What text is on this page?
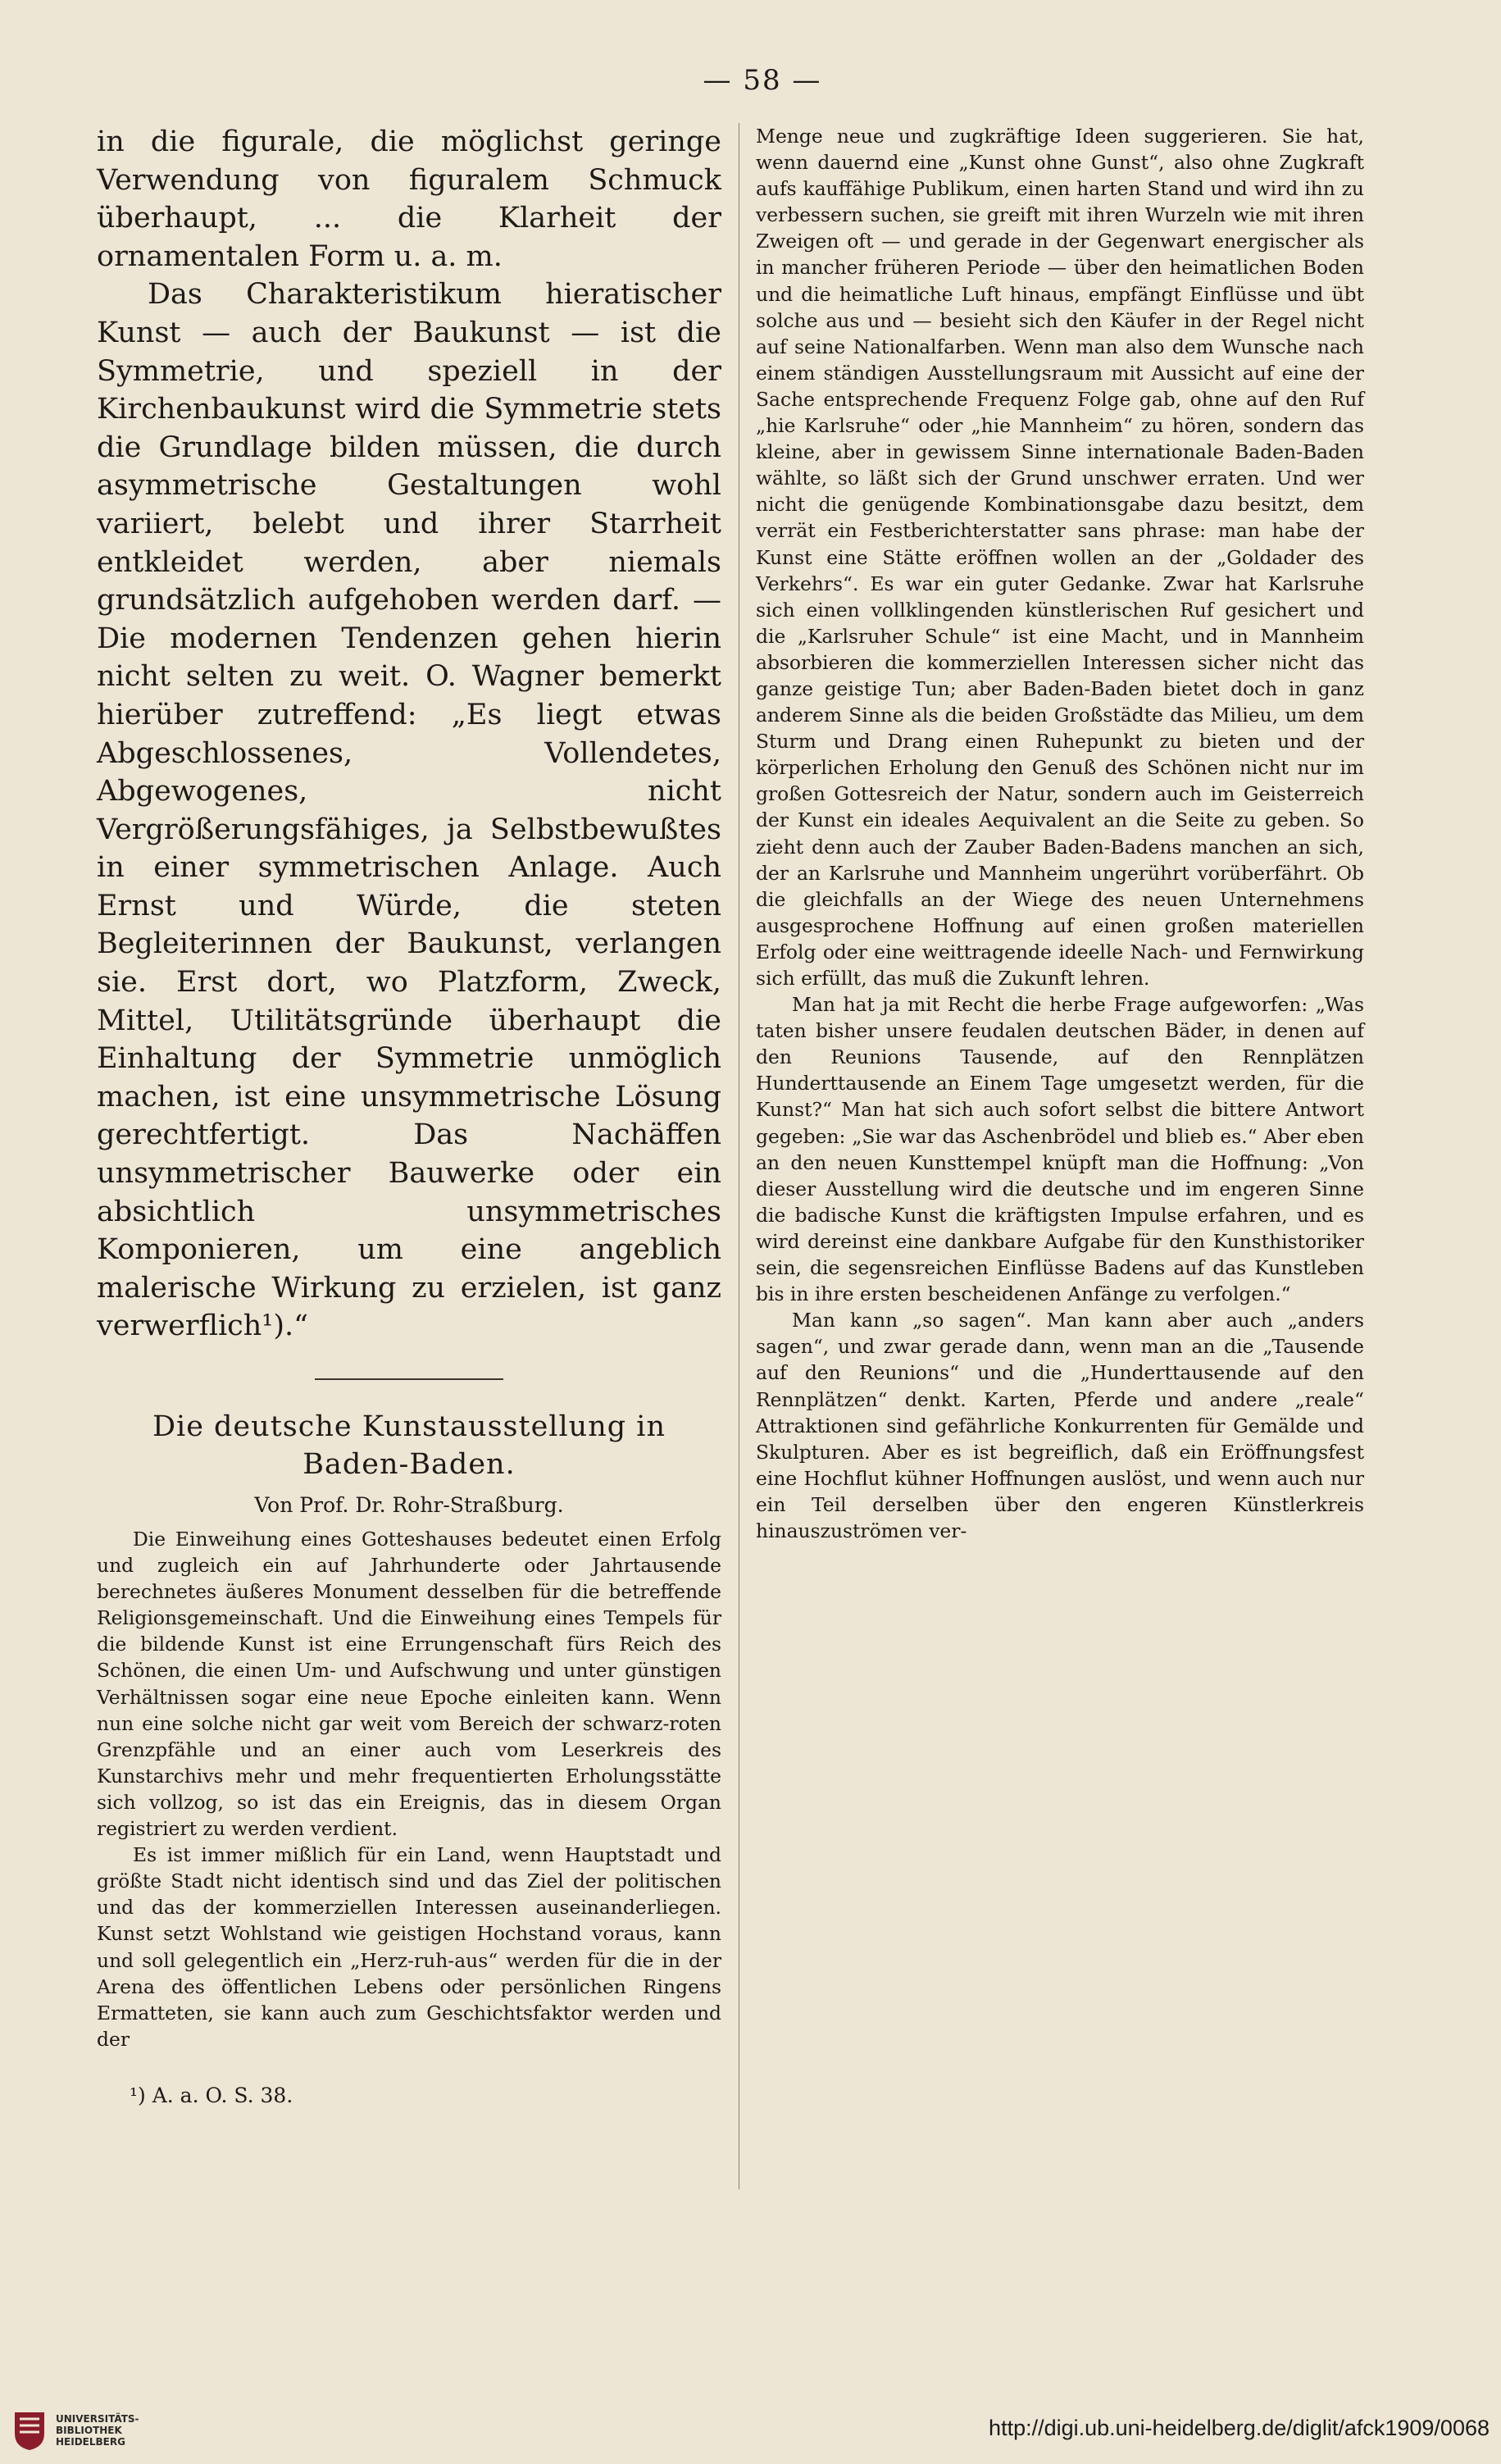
— 58 —

in die figurale, die möglichst geringe Verwendung von figuralem Schmuck überhaupt, ... die Klarheit der ornamentalen Form u. a. m.

Das Charakteristikum hieratischer Kunst — auch der Baukunst — ist die Symmetrie, und speziell in der Kirchenbaukunst wird die Symmetrie stets die Grundlage bilden müssen, die durch asymmetrische Gestaltungen wohl variiert, belebt und ihrer Starrheit entkleidet werden, aber niemals grundsätzlich aufgehoben werden darf. — Die modernen Tendenzen gehen hierin nicht selten zu weit. O. Wagner bemerkt hierüber zutreffend: „Es liegt etwas Abgeschlossenes, Vollendetes, Abgewogenes, nicht Vergrößerungsfähiges, ja Selbstbewußtes in einer symmetrischen Anlage. Auch Ernst und Würde, die steten Begleiterinnen der Baukunst, verlangen sie. Erst dort, wo Platzform, Zweck, Mittel, Utilitätsgründe überhaupt die Einhaltung der Symmetrie unmöglich machen, ist eine unsymmetrische Lösung gerechtfertigt. Das Nachäffen unsymmetrischer Bauwerke oder ein absichtlich unsymmetrisches Komponieren, um eine angeblich malerische Wirkung zu erzielen, ist ganz verwerflich¹).“

Die deutsche Kunstausstellung in Baden-Baden.
Von Prof. Dr. Rohr-Straßburg.

Die Einweihung eines Gotteshauses bedeutet einen Erfolg und zugleich ein auf Jahrhunderte oder Jahrtausende berechnetes äußeres Monument desselben für die betreffende Religionsgemeinschaft. Und die Einweihung eines Tempels für die bildende Kunst ist eine Errungenschaft fürs Reich des Schönen, die einen Um- und Aufschwung und unter günstigen Verhältnissen sogar eine neue Epoche einleiten kann. Wenn nun eine solche nicht gar weit vom Bereich der schwarz-roten Grenzpfähle und an einer auch vom Leserkreis des Kunstarchivs mehr und mehr frequentierten Erholungsstätte sich vollzog, so ist das ein Ereignis, das in diesem Organ registriert zu werden verdient.

Es ist immer mißlich für ein Land, wenn Hauptstadt und größte Stadt nicht identisch sind und das Ziel der politischen und das der kommerziellen Interessen auseinanderliegen. Kunst setzt Wohlstand wie geistigen Hochstand voraus, kann und soll gelegentlich ein „Herz-ruh-aus“ werden für die in der Arena des öffentlichen Lebens oder persönlichen Ringens Ermatteten, sie kann auch zum Geschichtsfaktor werden und der

¹) A. a. O. S. 38.

Menge neue und zugkräftige Ideen suggerieren. Sie hat, wenn dauernd eine „Kunst ohne Gunst“, also ohne Zugkraft aufs kauffähige Publikum, einen harten Stand und wird ihn zu verbessern suchen, sie greift mit ihren Wurzeln wie mit ihren Zweigen oft — und gerade in der Gegenwart energischer als in mancher früheren Periode — über den heimatlichen Boden und die heimatliche Luft hinaus, empfängt Einflüsse und übt solche aus und — besieht sich den Käufer in der Regel nicht auf seine Nationalfarben. Wenn man also dem Wunsche nach einem ständigen Ausstellungsraum mit Aussicht auf eine der Sache entsprechende Frequenz Folge gab, ohne auf den Ruf „hie Karlsruhe“ oder „hie Mannheim“ zu hören, sondern das kleine, aber in gewissem Sinne internationale Baden-Baden wählte, so läßt sich der Grund unschwer erraten. Und wer nicht die genügende Kombinationsgabe dazu besitzt, dem verrät ein Festberichterstatter sans phrase: man habe der Kunst eine Stätte eröffnen wollen an der „Goldader des Verkehrs“. Es war ein guter Gedanke. Zwar hat Karlsruhe sich einen vollklingenden künstlerischen Ruf gesichert und die „Karlsruher Schule“ ist eine Macht, und in Mannheim absorbieren die kommerziellen Interessen sicher nicht das ganze geistige Tun; aber Baden-Baden bietet doch in ganz anderem Sinne als die beiden Großstädte das Milieu, um dem Sturm und Drang einen Ruhepunkt zu bieten und der körperlichen Erholung den Genuß des Schönen nicht nur im großen Gottesreich der Natur, sondern auch im Geisterreich der Kunst ein ideales Aequivalent an die Seite zu geben. So zieht denn auch der Zauber Baden-Badens manchen an sich, der an Karlsruhe und Mannheim ungerührt vorüberfährt. Ob die gleichfalls an der Wiege des neuen Unternehmens ausgesprochene Hoffnung auf einen großen materiellen Erfolg oder eine weittragende ideelle Nach- und Fernwirkung sich erfüllt, das muß die Zukunft lehren.

Man hat ja mit Recht die herbe Frage aufgeworfen: „Was taten bisher unsere feudalen deutschen Bäder, in denen auf den Reunions Tausende, auf den Rennplätzen Hunderttausende an Einem Tage umgesetzt werden, für die Kunst?“ Man hat sich auch sofort selbst die bittere Antwort gegeben: „Sie war das Aschenbrödel und blieb es.“ Aber eben an den neuen Kunsttempel knüpft man die Hoffnung: „Von dieser Ausstellung wird die deutsche und im engeren Sinne die badische Kunst die kräftigsten Impulse erfahren, und es wird dereinst eine dankbare Aufgabe für den Kunsthistoriker sein, die segensreichen Einflüsse Badens auf das Kunstleben bis in ihre ersten bescheidenen Anfänge zu verfolgen.“

Man kann „so sagen“. Man kann aber auch „anders sagen“, und zwar gerade dann, wenn man an die „Tausende auf den Reunions“ und die „Hunderttausende auf den Rennplätzen“ denkt. Karten, Pferde und andere „reale“ Attraktionen sind gefährliche Konkurrenten für Gemälde und Skulpturen. Aber es ist begreiflich, daß ein Eröffnungsfest eine Hochflut kühner Hoffnungen auslöst, und wenn auch nur ein Teil derselben über den engeren Künstlerkreis hinauszuströmen ver-

UNIVERSITÄTS-
BIBLIOTHEK
HEIDELBERG
http://digi.ub.uni-heidelberg.de/diglit/afck1909/0068
